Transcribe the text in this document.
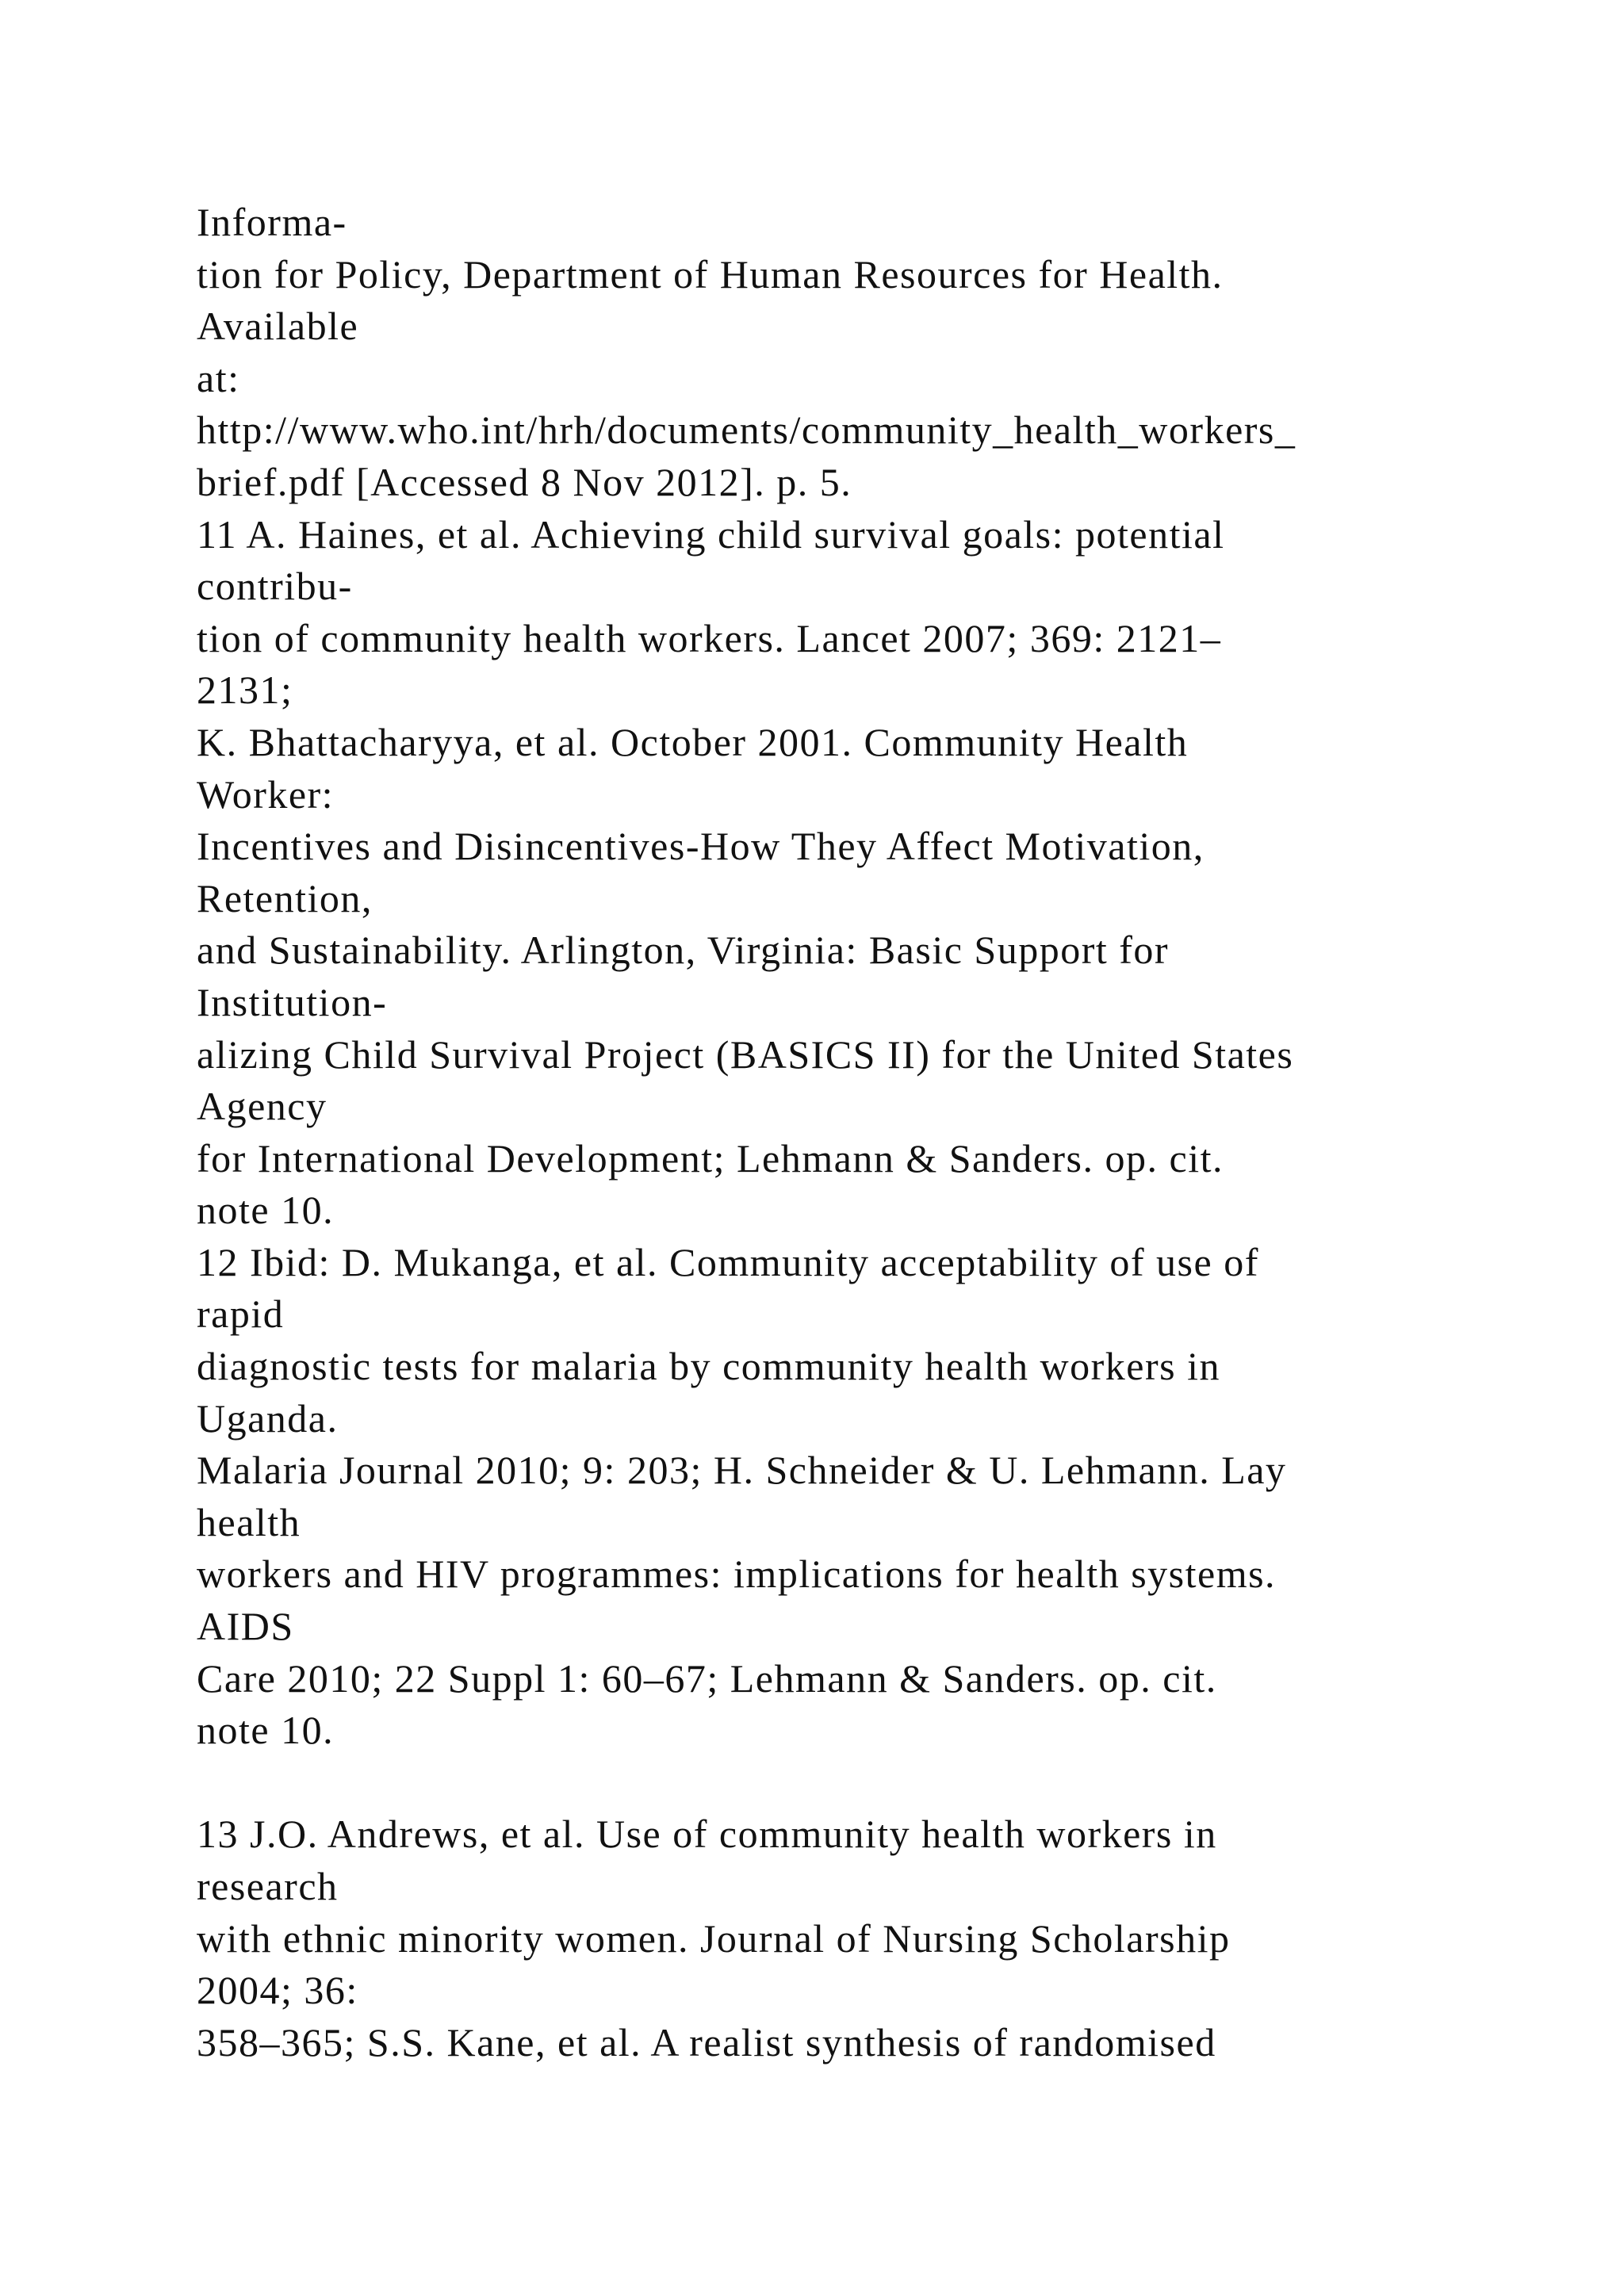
Informa-
tion for Policy, Department of Human Resources for Health.
Available
at:
http://www.who.int/hrh/documents/community_health_workers_
brief.pdf [Accessed 8 Nov 2012]. p. 5.
11 A. Haines, et al. Achieving child survival goals: potential
contribu-
tion of community health workers. Lancet 2007; 369: 2121–
2131;
K. Bhattacharyya, et al. October 2001. Community Health
Worker:
Incentives and Disincentives-How They Affect Motivation,
Retention,
and Sustainability. Arlington, Virginia: Basic Support for
Institution-
alizing Child Survival Project (BASICS II) for the United States
Agency
for International Development; Lehmann & Sanders. op. cit.
note 10.
12 Ibid: D. Mukanga, et al. Community acceptability of use of
rapid
diagnostic tests for malaria by community health workers in
Uganda.
Malaria Journal 2010; 9: 203; H. Schneider & U. Lehmann. Lay
health
workers and HIV programmes: implications for health systems.
AIDS
Care 2010; 22 Suppl 1: 60–67; Lehmann & Sanders. op. cit.
note 10.
13 J.O. Andrews, et al. Use of community health workers in
research
with ethnic minority women. Journal of Nursing Scholarship
2004; 36:
358–365; S.S. Kane, et al. A realist synthesis of randomised
